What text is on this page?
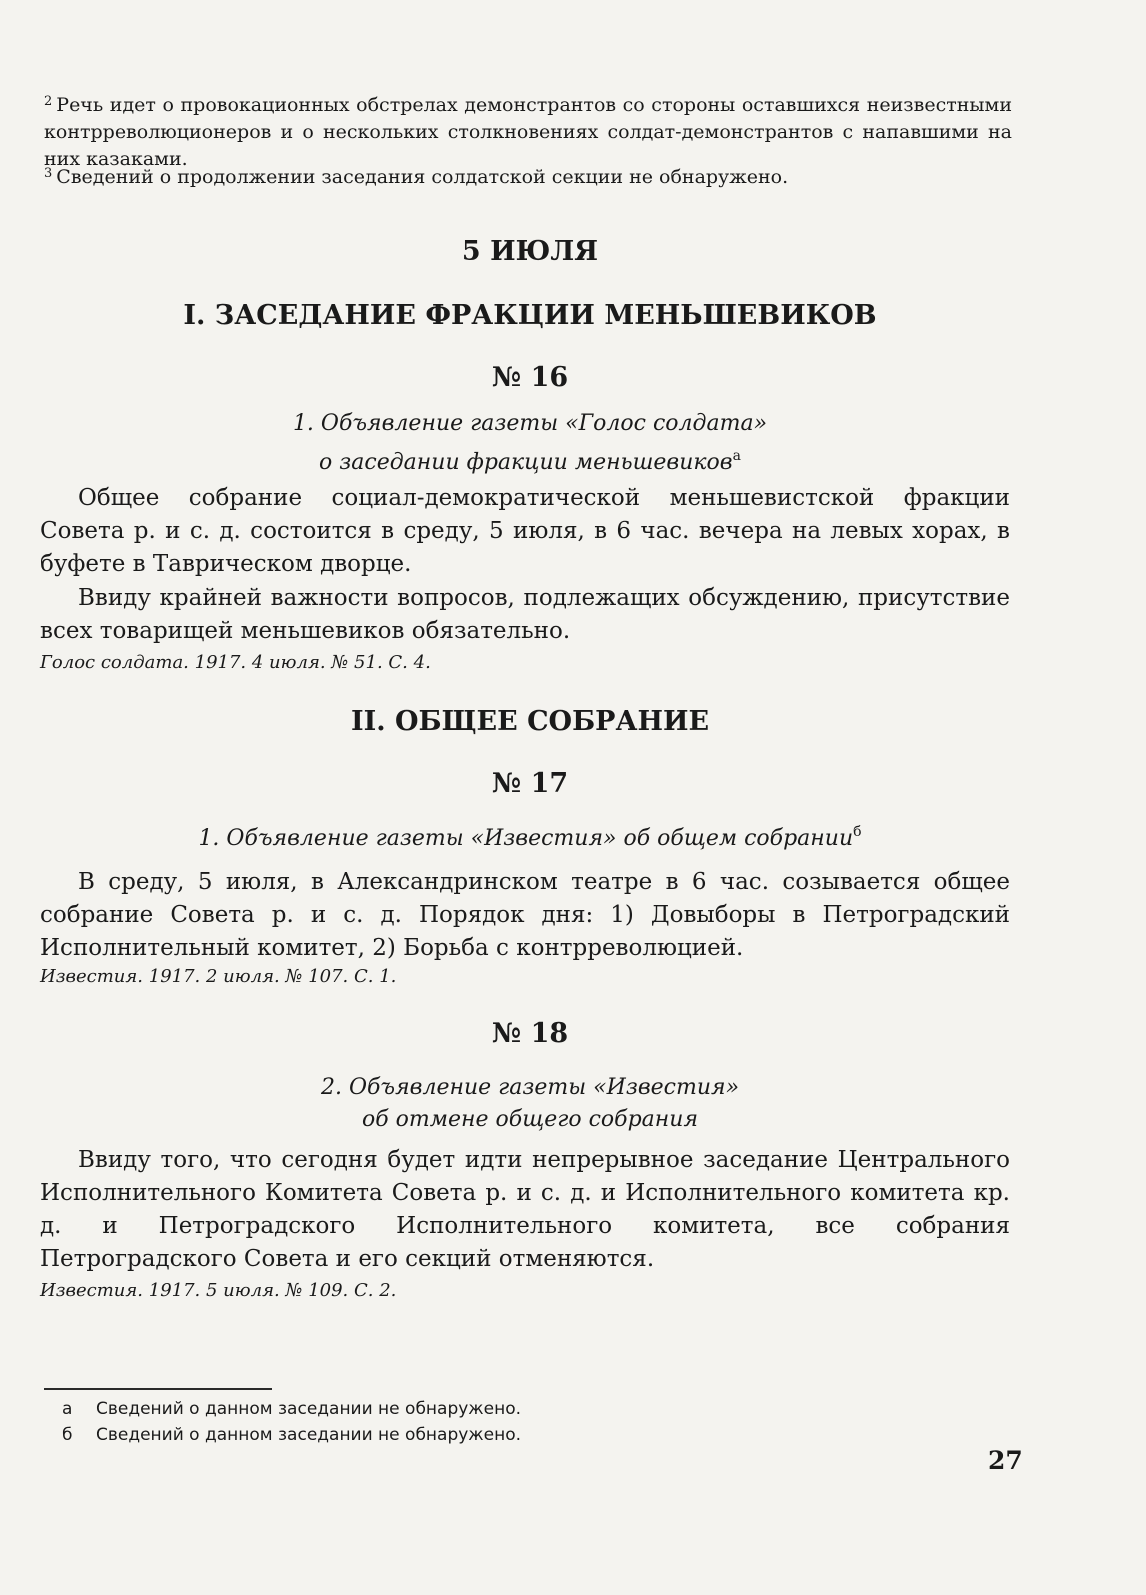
$^2$ Речь идет о провокационных обстрелах демонстрантов со стороны оставшихся неизвестными контрреволюционеров и о нескольких столкновениях солдат-демонстрантов с напавшими на них казаками.

$^3$ Сведений о продолжении заседания солдатской секции не обнаружено.

5 ИЮЛЯ
I. ЗАСЕДАНИЕ ФРАКЦИИ МЕНЬШЕВИКОВ
№ 16
1. Объявление газеты «Голос солдата»
о заседании фракции меньшевиков$^а$

Общее собрание социал-демократической меньшевистской фракции Совета р. и с. д. состоится в среду, 5 июля, в 6 час. вечера на левых хорах, в буфете в Таврическом дворце.

Ввиду крайней важности вопросов, подлежащих обсуждению, присутствие всех товарищей меньшевиков обязательно.

Голос солдата. 1917. 4 июля. № 51. С. 4.
II. ОБЩЕЕ СОБРАНИЕ
№ 17
1. Объявление газеты «Известия» об общем собрании$^б$

В среду, 5 июля, в Александринском театре в 6 час. созывается общее собрание Совета р. и с. д. Порядок дня: 1) Довыборы в Петроградский Исполнительный комитет, 2) Борьба с контрреволюцией.

Известия. 1917. 2 июля. № 107. С. 1.
№ 18
2. Объявление газеты «Известия»
об отмене общего собрания

Ввиду того, что сегодня будет идти непрерывное заседание Центрального Исполнительного Комитета Совета р. и с. д. и Исполнительного комитета кр. д. и Петроградского Исполнительного комитета, все собрания Петроградского Совета и его секций отменяются.

Известия. 1917. 5 июля. № 109. С. 2.
а Сведений о данном заседании не обнаружено.
б Сведений о данном заседании не обнаружено.
27
